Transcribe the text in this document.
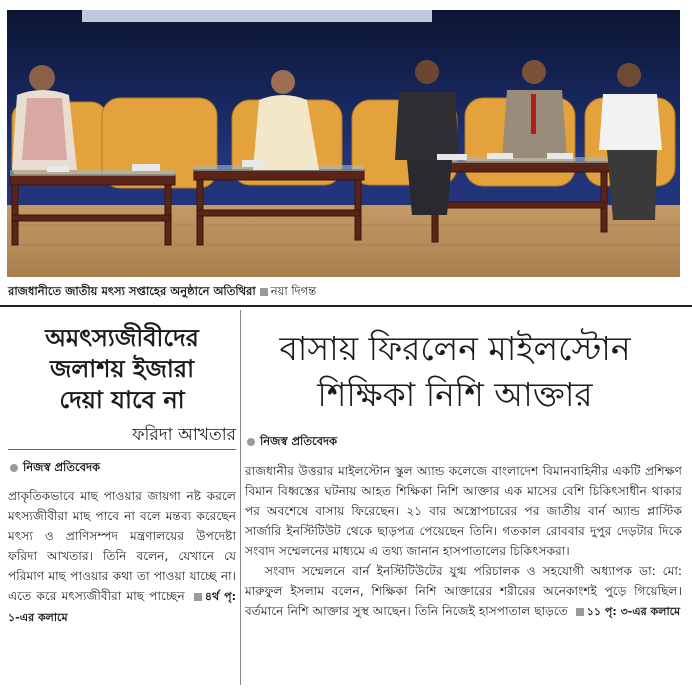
রাজধানীতে জাতীয় মৎস্য সপ্তাহের অনুষ্ঠানে অতিথিরা নয়া দিগন্ত
অমৎস্যজীবীদের
জলাশয় ইজারা
দেয়া যাবে না
ফরিদা আখতার
নিজস্ব প্রতিবেদক
প্রাকৃতিকভাবে মাছ পাওয়ার জায়গা নষ্ট করলে মৎস্যজীবীরা মাছ পাবে না বলে মন্তব্য করেছেন মৎস্য ও প্রাণিসম্পদ মন্ত্রণালয়ের উপদেষ্টা ফরিদা আখতার। তিনি বলেন, যেখানে যে পরিমাণ মাছ পাওয়ার কথা তা পাওয়া যাচ্ছে না। এতে করে মৎস্যজীবীরা মাছ পাচ্ছেন ৪র্থ পৃ: ১-এর কলামে
বাসায় ফিরলেন মাইলস্টোন
শিক্ষিকা নিশি আক্তার
নিজস্ব প্রতিবেদক

রাজধানীর উত্তরার মাইলস্টোন স্কুল অ্যান্ড কলেজে বাংলাদেশ বিমানবাহিনীর একটি প্রশিক্ষণ বিমান বিধ্বস্তের ঘটনায় আহত শিক্ষিকা নিশি আক্তার এক মাসের বেশি চিকিৎসাধীন থাকার পর অবশেষে বাসায় ফিরেছেন। ২১ বার অস্ত্রোপচারের পর জাতীয় বার্ন অ্যান্ড প্লাস্টিক সার্জারি ইনস্টিটিউট থেকে ছাড়পত্র পেয়েছেন তিনি। গতকাল রোববার দুপুর দেড়টার দিকে সংবাদ সম্মেলনের মাধ্যমে এ তথ্য জানান হাসপাতালের চিকিৎসকরা।

সংবাদ সম্মেলনে বার্ন ইনস্টিটিউটের যুগ্ম পরিচালক ও সহযোগী অধ্যাপক ডা: মো: মারুফুল ইসলাম বলেন, শিক্ষিকা নিশি আক্তারের শরীরের অনেকাংশই পুড়ে গিয়েছিল। বর্তমানে নিশি আক্তার সুস্থ আছেন। তিনি নিজেই হাসপাতাল ছাড়তে ১১ পৃ: ৩-এর কলামে
